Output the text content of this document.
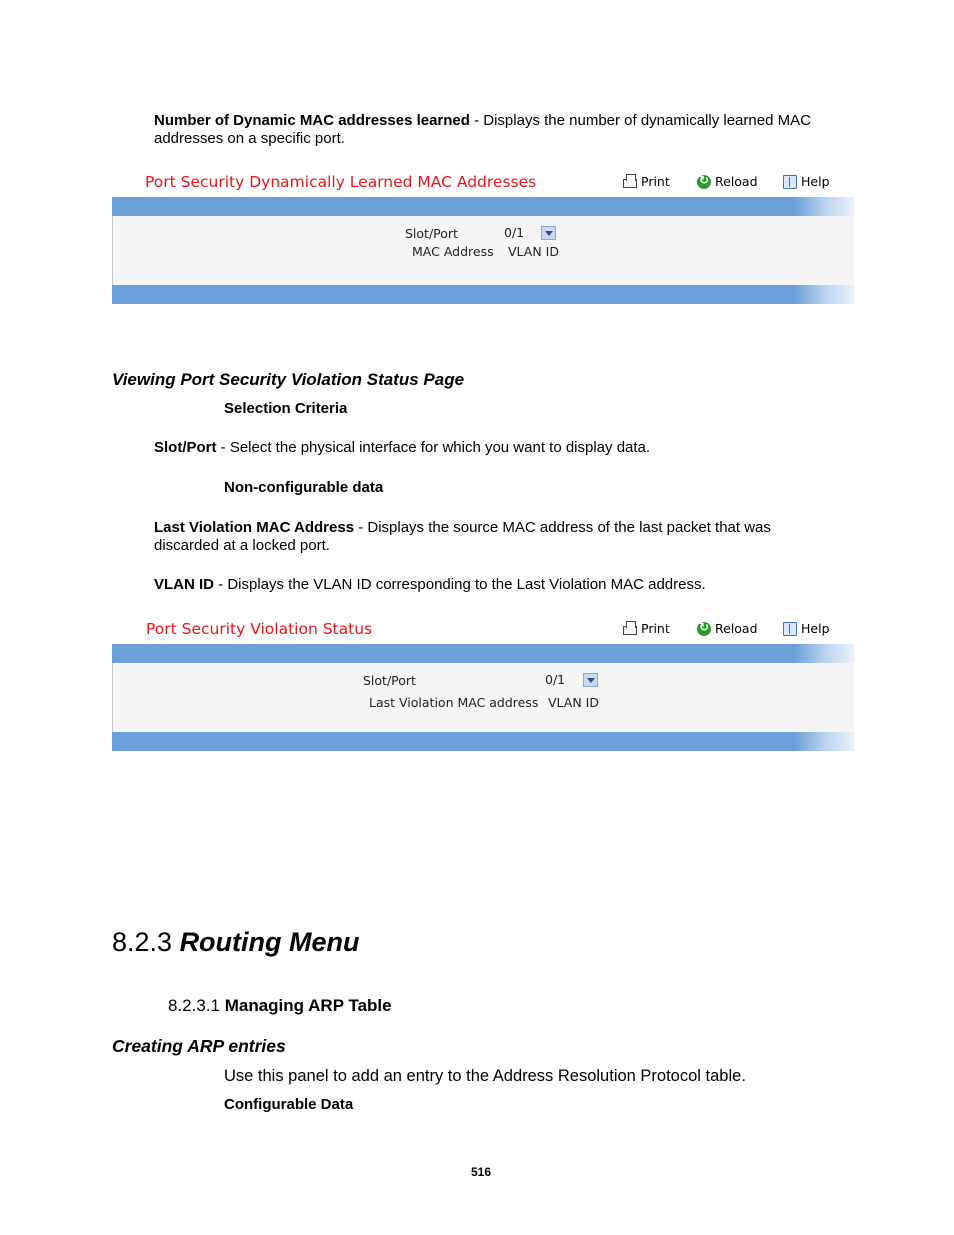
Number of Dynamic MAC addresses learned - Displays the number of dynamically learned MAC
addresses on a specific port.
Port Security Dynamically Learned MAC Addresses	Print ↻	Reload	Help
Slot/Port	0/1
MAC Address VLAN ID
Viewing Port Security Violation Status Page
Selection Criteria
Slot/Port - Select the physical interface for which you want to display data.
Non-configurable data
Last Violation MAC Address - Displays the source MAC address of the last packet that was
discarded at a locked port.
VLAN ID - Displays the VLAN ID corresponding to the Last Violation MAC address.
Port Security Violation Status	Print ↻	Reload	Help
Slot/Port	0/1
Last Violation MAC address VLAN ID
8.2.3 Routing Menu
8.2.3.1 Managing ARP Table
Creating ARP entries
Use this panel to add an entry to the Address Resolution Protocol table.
Configurable Data
516
